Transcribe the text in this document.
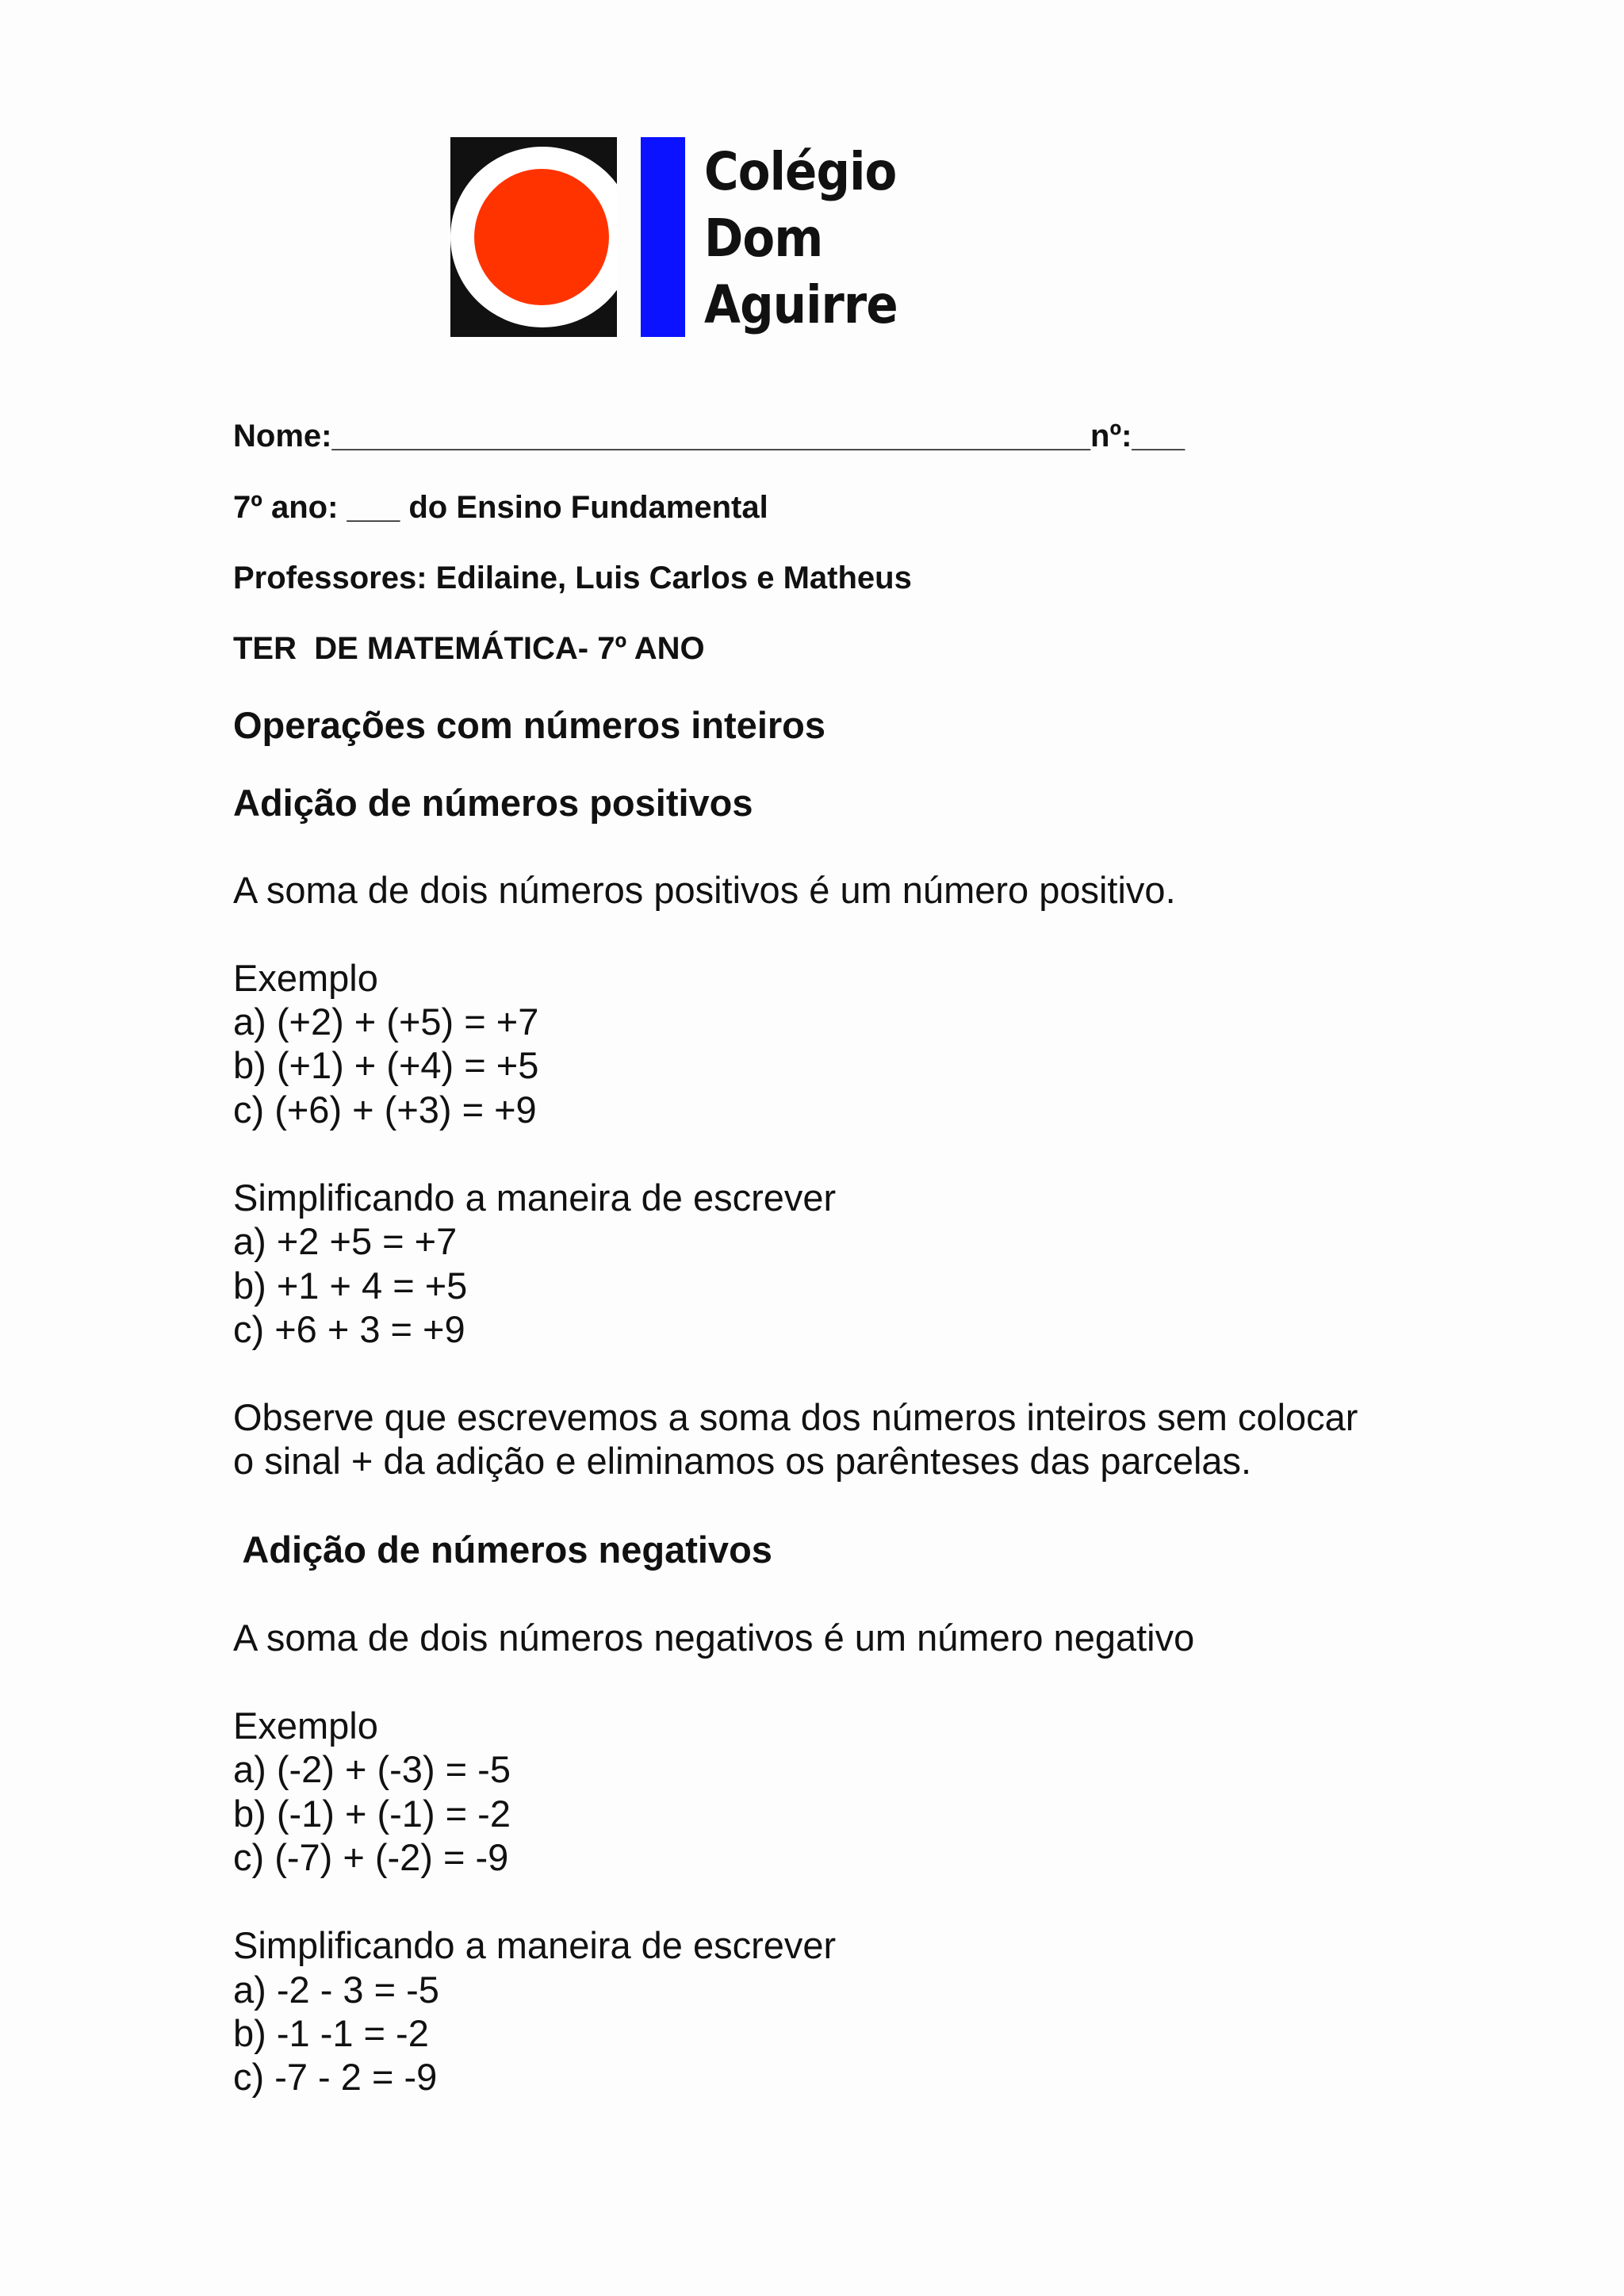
Colégio
Dom Aguirre
Nome:___________________________________________nº:___
7º ano: ___ do Ensino Fundamental
Professores: Edilaine, Luis Carlos e Matheus
TER  DE MATEMÁTICA- 7º ANO
Operações com números inteiros
Adição de números positivos
A soma de dois números positivos é um número positivo.
Exemplo
a) (+2) + (+5) = +7
b) (+1) + (+4) = +5
c) (+6) + (+3) = +9
Simplificando a maneira de escrever
a) +2 +5 = +7
b) +1 + 4 = +5
c) +6 + 3 = +9
Observe que escrevemos a soma dos números inteiros sem colocar
o sinal + da adição e eliminamos os parênteses das parcelas.
Adição de números negativos
A soma de dois números negativos é um número negativo
Exemplo
a) (-2) + (-3) = -5
b) (-1) + (-1) = -2
c) (-7) + (-2) = -9
Simplificando a maneira de escrever
a) -2 - 3 = -5
b) -1 -1 = -2
c) -7 - 2 = -9
